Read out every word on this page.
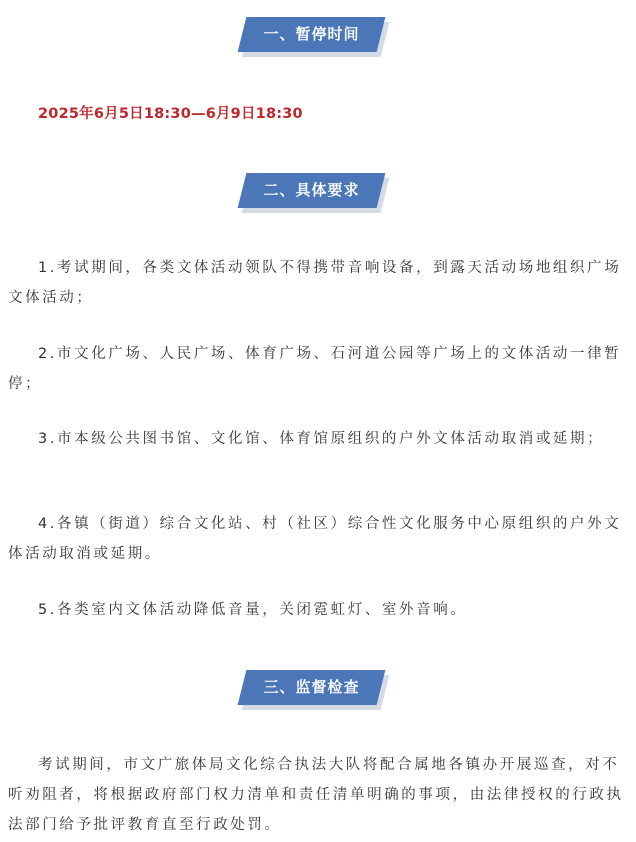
一、暂停时间
2025年6月5日18:30—6月9日18:30
二、具体要求

1.考试期间，各类文体活动领队不得携带音响设备，到露天活动场地组织广场文体活动；

2.市文化广场、人民广场、体育广场、石河道公园等广场上的文体活动一律暂停；

3.市本级公共图书馆、文化馆、体育馆原组织的户外文体活动取消或延期；

4.各镇（街道）综合文化站、村（社区）综合性文化服务中心原组织的户外文体活动取消或延期。

5.各类室内文体活动降低音量，关闭霓虹灯、室外音响。

三、监督检查

考试期间，市文广旅体局文化综合执法大队将配合属地各镇办开展巡查，对不听劝阻者，将根据政府部门权力清单和责任清单明确的事项，由法律授权的行政执法部门给予批评教育直至行政处罚。
